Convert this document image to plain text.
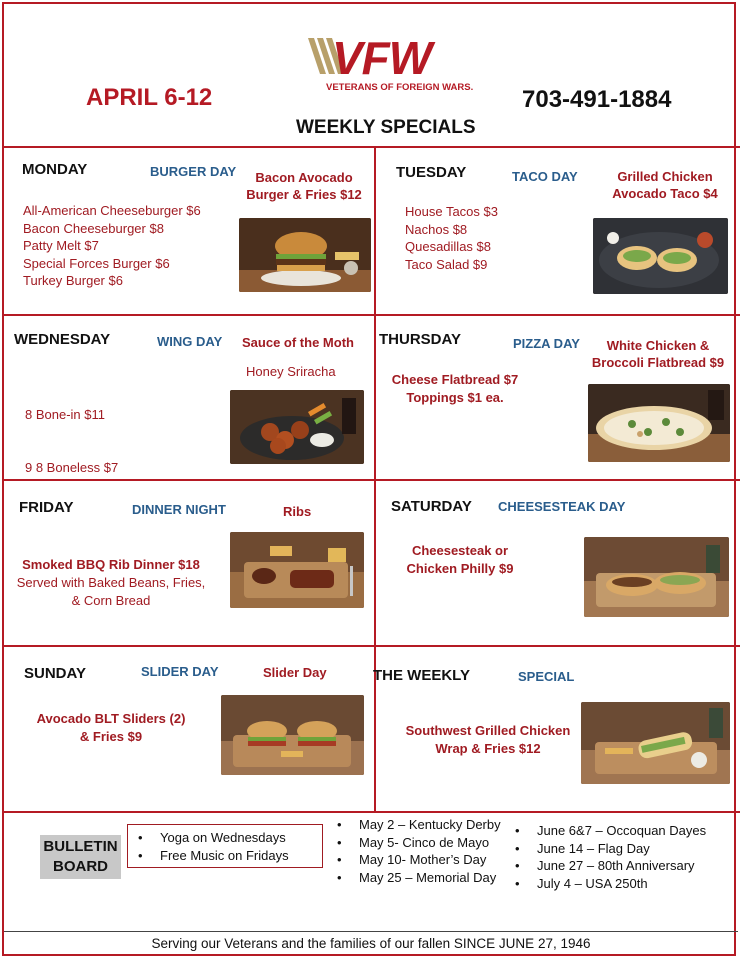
VFW
VETERANS OF FOREIGN WARS.
APRIL 6-12	703-491-1884
WEEKLY SPECIALS
MONDAY	BURGER DAY	Bacon Avocado
Burger & Fries $12
All-American Cheeseburger $6
Bacon Cheeseburger $8
Patty Melt $7
Special Forces Burger $6
Turkey Burger $6
TUESDAY	TACO DAY	Grilled Chicken
Avocado Taco $4
House Tacos $3
Nachos $8
Quesadillas $8
Taco Salad $9
WEDNESDAY	WING DAY	Sauce of the Moth
Honey Sriracha

8 Bone-in $11

9 8 Boneless $7

THURSDAY	PIZZA DAY	White Chicken &
Broccoli Flatbread $9
Cheese Flatbread $7
Toppings $1 ea.
FRIDAY	DINNER NIGHT	Ribs
Smoked BBQ Rib Dinner $18
Served with Baked Beans, Fries,
& Corn Bread
SATURDAY CHEESESTEAK DAY
Cheesesteak or
Chicken Philly $9
SUNDAY	SLIDER DAY	Slider Day
Avocado BLT Sliders (2)
& Fries $9
THE WEEKLY	SPECIAL
Southwest Grilled Chicken
Wrap & Fries $12
BULLETIN
BOARD
• Yoga on Wednesdays
• Free Music on Fridays
• May 2 – Kentucky Derby
• May 5- Cinco de Mayo
• May 10- Mother’s Day
• May 25 – Memorial Day
• June 6&7 – Occoquan Dayes
• June 14 – Flag Day
• June 27 – 80th Anniversary
• July 4 – USA 250th
Serving our Veterans and the families of our fallen SINCE JUNE 27, 1946
